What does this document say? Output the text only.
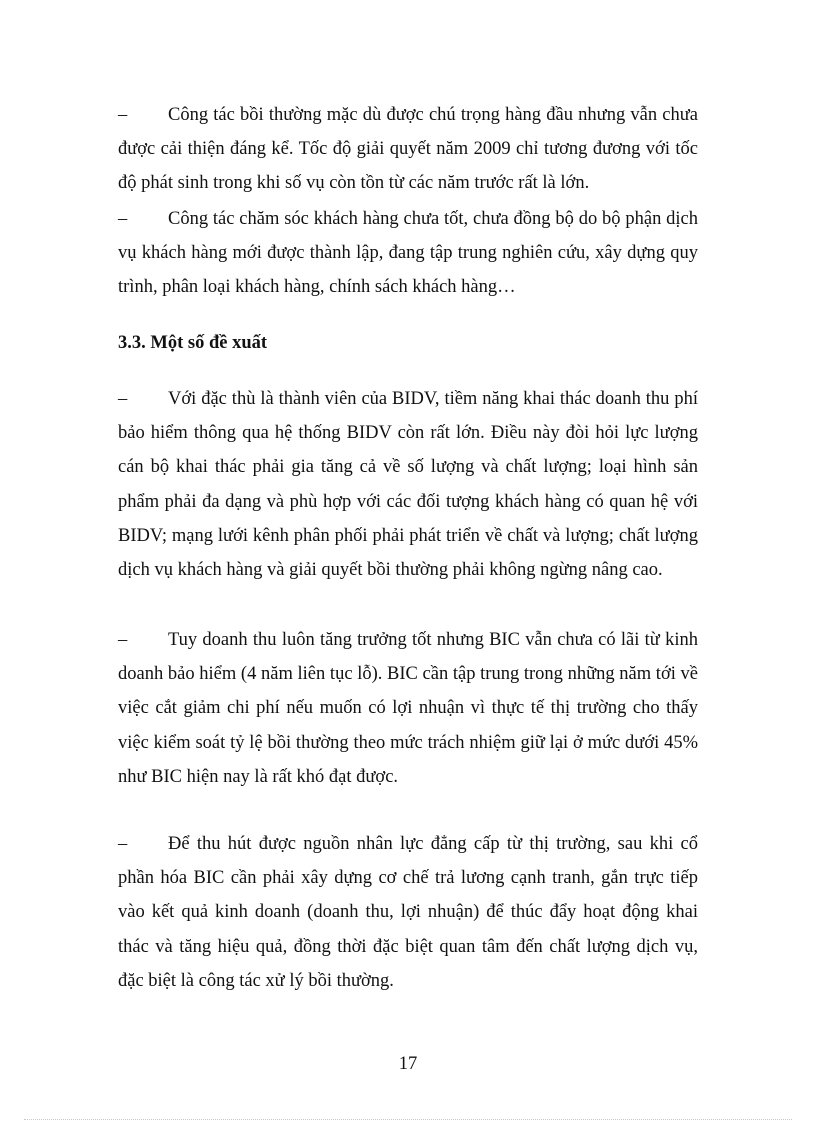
– Công tác bồi thường mặc dù được chú trọng hàng đầu nhưng vẫn chưa được cải thiện đáng kể. Tốc độ giải quyết năm 2009 chỉ tương đương với tốc độ phát sinh trong khi số vụ còn tồn từ các năm trước rất là lớn.

– Công tác chăm sóc khách hàng chưa tốt, chưa đồng bộ do bộ phận dịch vụ khách hàng mới được thành lập, đang tập trung nghiên cứu, xây dựng quy trình, phân loại khách hàng, chính sách khách hàng…

3.3. Một số đề xuất

– Với đặc thù là thành viên của BIDV, tiềm năng khai thác doanh thu phí bảo hiểm thông qua hệ thống BIDV còn rất lớn. Điều này đòi hỏi lực lượng cán bộ khai thác phải gia tăng cả về số lượng và chất lượng; loại hình sản phẩm phải đa dạng và phù hợp với các đối tượng khách hàng có quan hệ với BIDV; mạng lưới kênh phân phối phải phát triển về chất và lượng; chất lượng dịch vụ khách hàng và giải quyết bồi thường phải không ngừng nâng cao.

– Tuy doanh thu luôn tăng trưởng tốt nhưng BIC vẫn chưa có lãi từ kinh doanh bảo hiểm (4 năm liên tục lỗ). BIC cần tập trung trong những năm tới về việc cắt giảm chi phí nếu muốn có lợi nhuận vì thực tế thị trường cho thấy việc kiểm soát tỷ lệ bồi thường theo mức trách nhiệm giữ lại ở mức dưới 45% như BIC hiện nay là rất khó đạt được.

– Để thu hút được nguồn nhân lực đẳng cấp từ thị trường, sau khi cổ phần hóa BIC cần phải xây dựng cơ chế trả lương cạnh tranh, gắn trực tiếp vào kết quả kinh doanh (doanh thu, lợi nhuận) để thúc đẩy hoạt động khai thác và tăng hiệu quả, đồng thời đặc biệt quan tâm đến chất lượng dịch vụ, đặc biệt là công tác xử lý bồi thường.

17
